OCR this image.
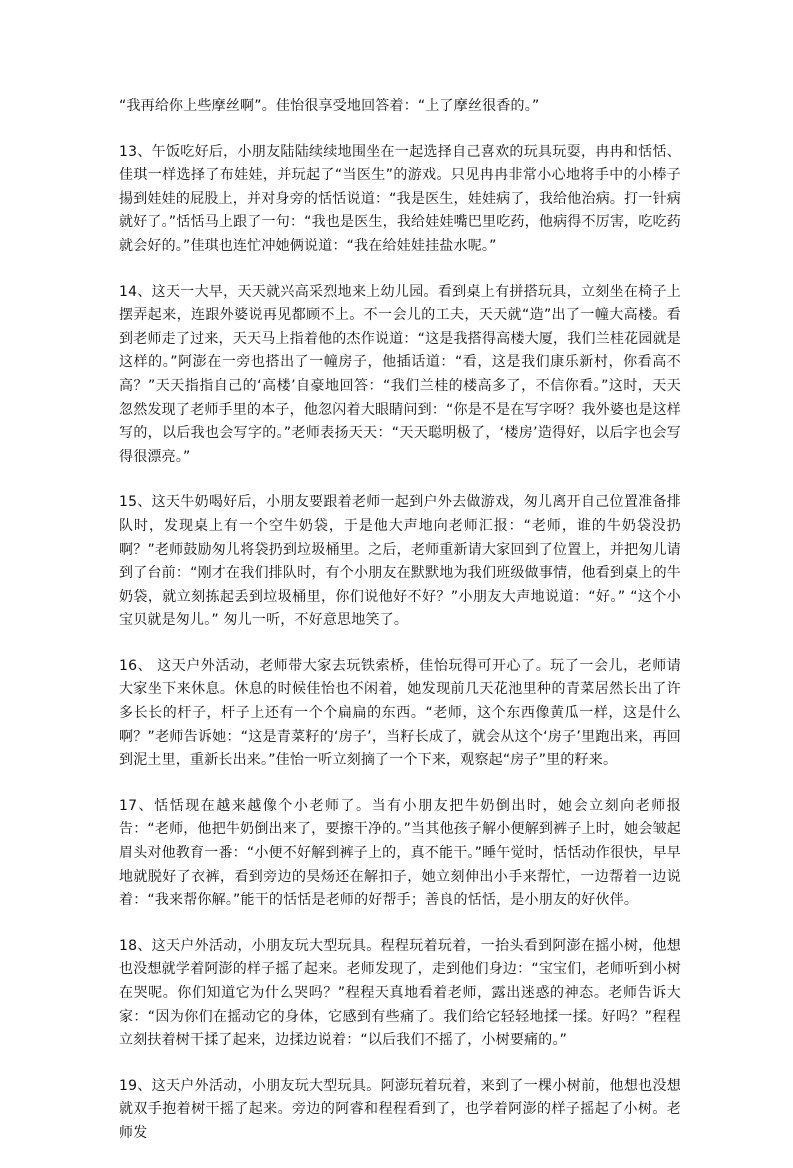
“我再给你上些摩丝啊”。佳怡很享受地回答着：“上了摩丝很香的。”

13、午饭吃好后，小朋友陆陆续续地围坐在一起选择自己喜欢的玩具玩耍，冉冉和恬恬、佳琪一样选择了布娃娃，并玩起了“当医生”的游戏。只见冉冉非常小心地将手中的小棒子揚到娃娃的屁股上，并对身旁的恬恬说道：“我是医生，娃娃病了，我给他治病。打一针病就好了。”恬恬马上跟了一句：“我也是医生，我给娃娃嘴巴里吃药，他病得不厉害，吃吃药就会好的。”佳琪也连忙冲她俩说道：“我在给娃娃挂盐水呢。”

14、这天一大早，天天就兴高采烈地来上幼儿园。看到桌上有拼搭玩具，立刻坐在椅子上摆弄起来，连跟外婆说再见都顾不上。不一会儿的工夫，天天就“造”出了一幢大高楼。看到老师走了过来，天天马上指着他的杰作说道：“这是我搭得高楼大厦，我们兰桂花园就是这样的。”阿澎在一旁也搭出了一幢房子，他插话道：“看，这是我们康乐新村，你看高不高？”天天指指自己的‘高楼’自豪地回答：“我们兰桂的楼高多了，不信你看。”这时，天天忽然发现了老师手里的本子，他忽闪着大眼睛问到：“你是不是在写字呀？我外婆也是这样写的，以后我也会写字的。”老师表扬天天：“天天聪明极了，‘楼房’造得好，以后字也会写得很漂亮。”

15、这天牛奶喝好后，小朋友要跟着老师一起到户外去做游戏，匆儿离开自己位置准备排队时，发现桌上有一个空牛奶袋，于是他大声地向老师汇报：“老师，谁的牛奶袋没扔啊？”老师鼓励匆儿将袋扔到垃圾桶里。之后，老师重新请大家回到了位置上，并把匆儿请到了台前：“刚才在我们排队时，有个小朋友在默默地为我们班级做事情，他看到桌上的牛奶袋，就立刻拣起丢到垃圾桶里，你们说他好不好？”小朋友大声地说道：“好。” “这个小宝贝就是匆儿。” 匆儿一听，不好意思地笑了。

16、 这天户外活动，老师带大家去玩铁索桥，佳怡玩得可开心了。玩了一会儿，老师请大家坐下来休息。休息的时候佳怡也不闲着，她发现前几天花池里种的青菜居然长出了许多长长的杆子，杆子上还有一个个扁扁的东西。“老师，这个东西像黄瓜一样，这是什么啊？”老师告诉她：“这是青菜籽的‘房子’，当籽长成了，就会从这个‘房子’里跑出来，再回到泥土里，重新长出来。”佳怡一听立刻摘了一个下来，观察起“房子”里的籽来。

17、恬恬现在越来越像个小老师了。当有小朋友把牛奶倒出时，她会立刻向老师报告：“老师，他把牛奶倒出来了，要擦干净的。”当其他孩子解小便解到裤子上时，她会皱起眉头对他教育一番：“小便不好解到裤子上的，真不能干。”睡午觉时，恬恬动作很快，早早地就脱好了衣裤，看到旁边的昊炀还在解扣子，她立刻伸出小手来帮忙，一边帮着一边说着：“我来帮你解。”能干的恬恬是老师的好帮手；善良的恬恬，是小朋友的好伙伴。

18、这天户外活动，小朋友玩大型玩具。程程玩着玩着，一抬头看到阿澎在摇小树，他想也没想就学着阿澎的样子摇了起来。老师发现了，走到他们身边：“宝宝们，老师听到小树在哭呢。你们知道它为什么哭吗？”程程天真地看着老师，露出迷惑的神态。老师告诉大家：“因为你们在摇动它的身体，它感到有些痛了。我们给它轻轻地揉一揉。好吗？”程程立刻扶着树干揉了起来，边揉边说着：“以后我们不摇了，小树要痛的。”

19、这天户外活动，小朋友玩大型玩具。阿澎玩着玩着，来到了一棵小树前，他想也没想就双手抱着树干摇了起来。旁边的阿睿和程程看到了，也学着阿澎的样子摇起了小树。老师发
